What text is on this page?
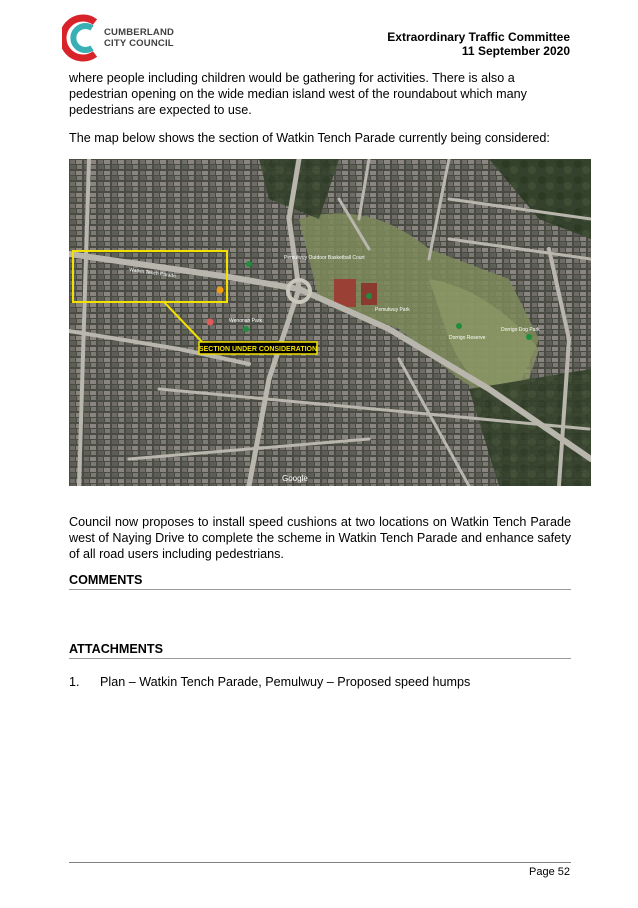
CUMBERLAND
CITY COUNCIL	Extraordinary Traffic Committee
11 September 2020
where people including children would be gathering for activities. There is also a pedestrian opening on the wide median island west of the roundabout which many pedestrians are expected to use.
The map below shows the section of Watkin Tench Parade currently being considered:
SECTION UNDER CONSIDERATION
Pemulwuy Outdoor Basketball Court
Pemulwuy Park
Wenonah Park
Dorrigo Reserve
Dorrigo Dog Park
Watkin Tench Parade
Google
Council now proposes to install speed cushions at two locations on Watkin Tench Parade west of Naying Drive to complete the scheme in Watkin Tench Parade and enhance safety of all road users including pedestrians.
COMMENTS
ATTACHMENTS
1. Plan – Watkin Tench Parade, Pemulwuy – Proposed speed humps
Page 52
